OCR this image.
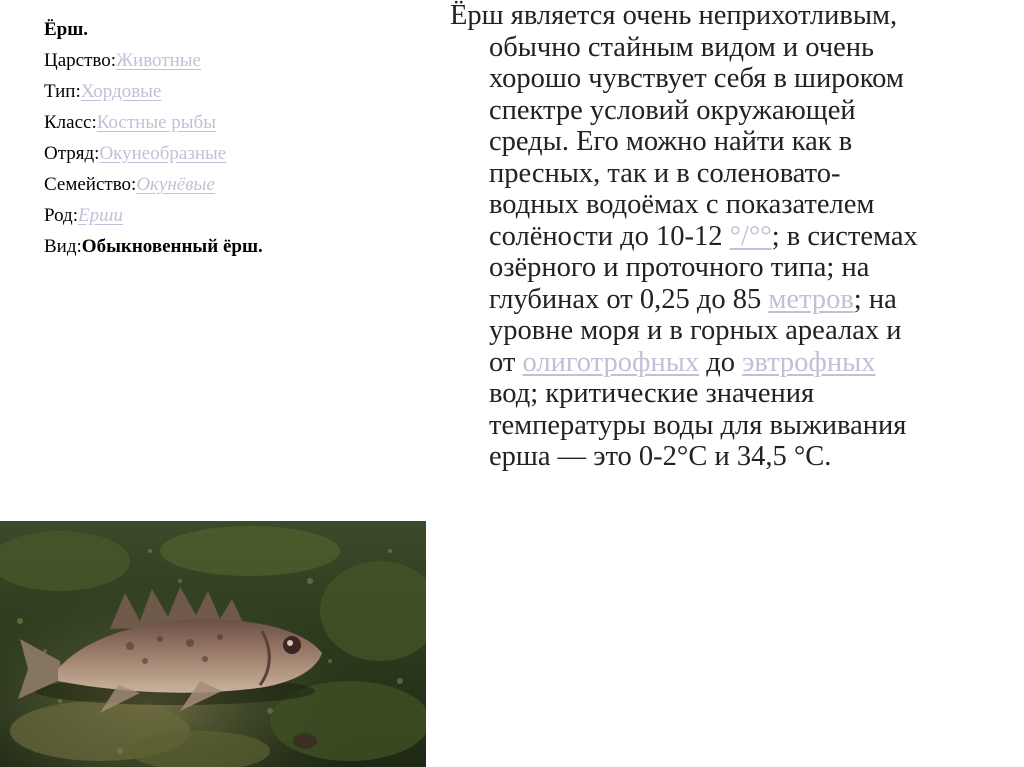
Ёрш.
Царство:Животные
Тип:Хордовые
Класс:Костные рыбы
Отряд:Окунеобразные
Семейство:Окунёвые
Род:Ерши
Вид:Обыкновенный ёрш.
Ёрш является очень неприхотливым, обычно стайным видом и очень хорошо чувствует себя в широком спектре условий окружающей среды. Его можно найти как в пресных, так и в соленовато-водных водоёмах с показателем солёности до 10-12 °/°°; в системах озёрного и проточного типа; на глубинах от 0,25 до 85 метров; на уровне моря и в горных ареалах и от олиготрофных до эвтрофных вод; критические значения температуры воды для выживания ерша — это 0-2°C и 34,5 °C.
